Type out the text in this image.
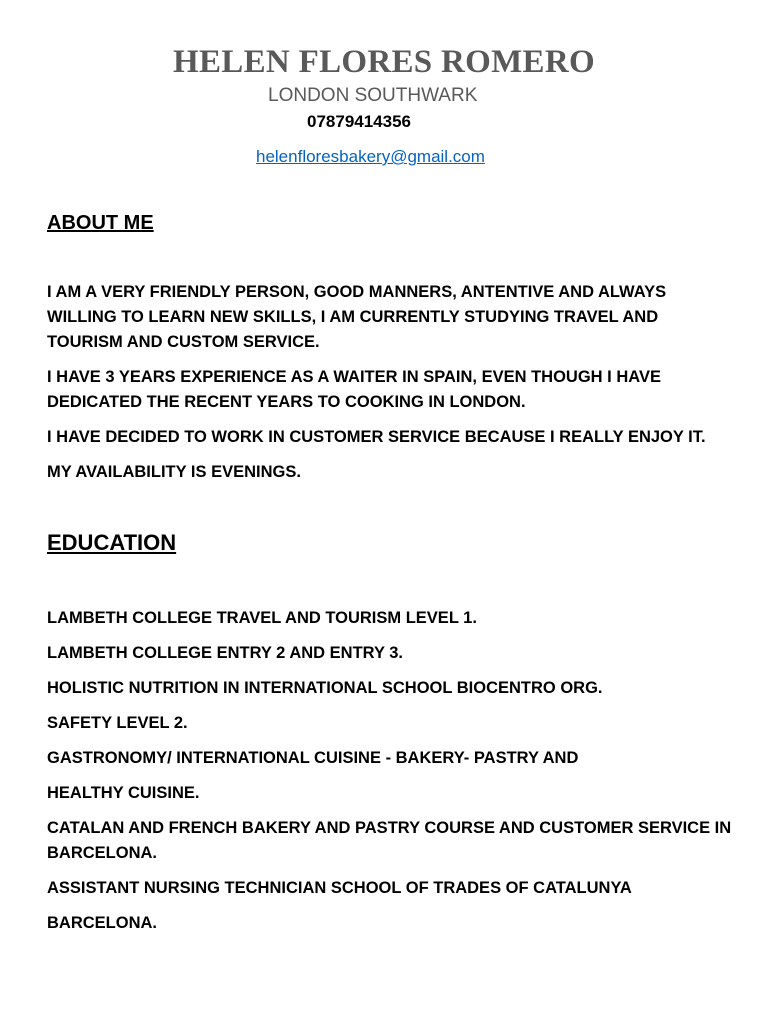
HELEN FLORES ROMERO
LONDON SOUTHWARK
07879414356
helenfloresbakery@gmail.com
ABOUT ME

I AM A VERY FRIENDLY PERSON, GOOD MANNERS, ANTENTIVE AND ALWAYS WILLING TO LEARN NEW SKILLS, I AM CURRENTLY STUDYING TRAVEL AND TOURISM AND CUSTOM SERVICE.

I HAVE 3 YEARS EXPERIENCE AS A WAITER IN SPAIN, EVEN THOUGH I HAVE DEDICATED THE RECENT YEARS TO COOKING IN LONDON.

I HAVE DECIDED TO WORK IN CUSTOMER SERVICE BECAUSE I REALLY ENJOY IT.

MY AVAILABILITY IS EVENINGS.

EDUCATION

LAMBETH COLLEGE TRAVEL AND TOURISM LEVEL 1.

LAMBETH COLLEGE ENTRY 2 AND ENTRY 3.

HOLISTIC NUTRITION IN INTERNATIONAL SCHOOL BIOCENTRO ORG.

SAFETY LEVEL 2.

GASTRONOMY/ INTERNATIONAL CUISINE - BAKERY- PASTRY AND

HEALTHY CUISINE.

CATALAN AND FRENCH BAKERY AND PASTRY COURSE AND CUSTOMER SERVICE IN BARCELONA.

ASSISTANT NURSING TECHNICIAN SCHOOL OF TRADES OF CATALUNYA

BARCELONA.
